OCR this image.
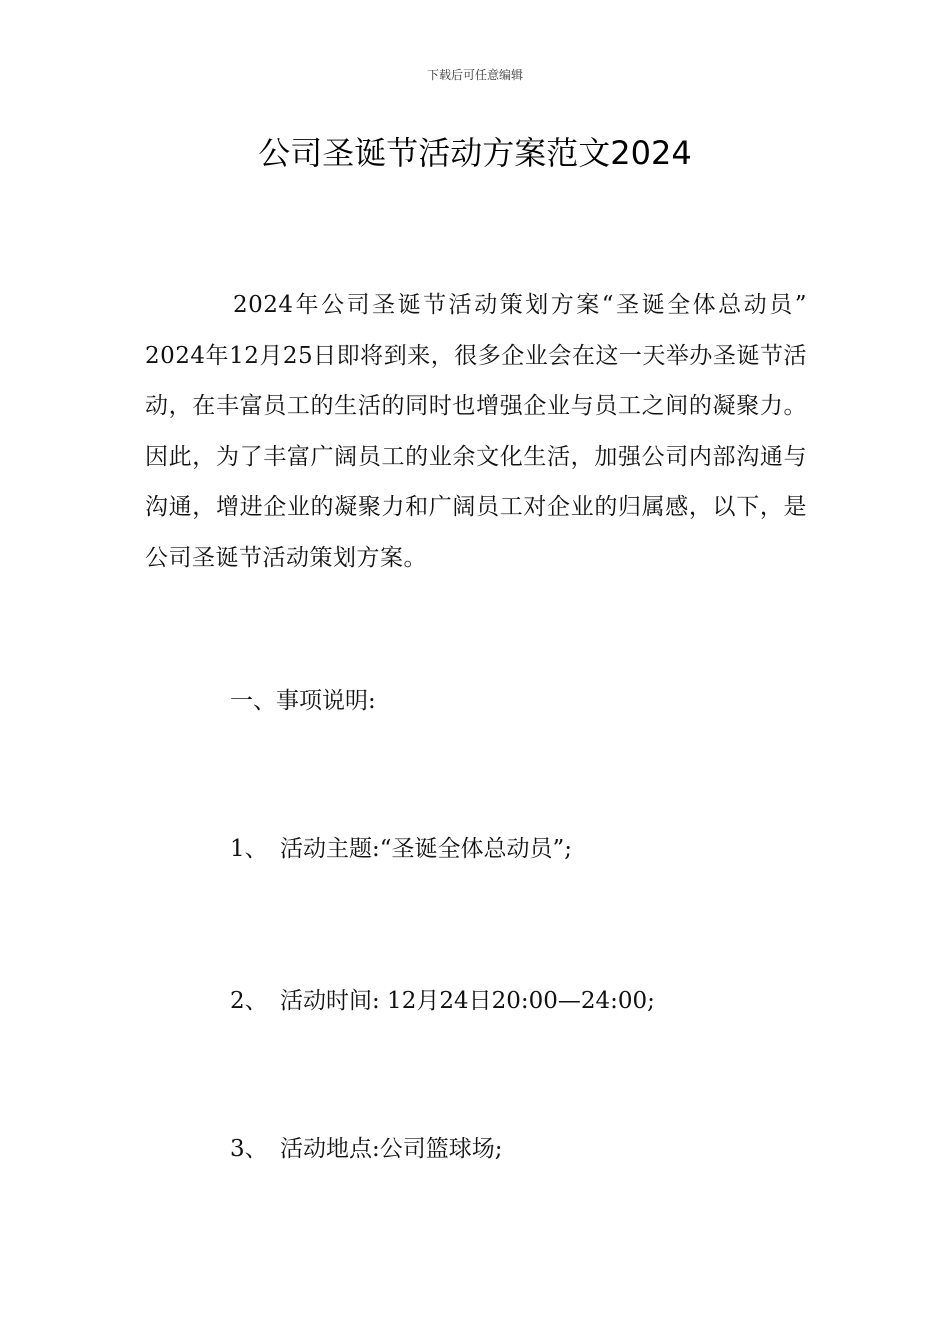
下载后可任意编辑
公司圣诞节活动方案范文2024

2024年公司圣诞节活动策划方案“圣诞全体总动员” 2024年12月25日即将到来，很多企业会在这一天举办圣诞节活动，在丰富员工的生活的同时也增强企业与员工之间的凝聚力。因此，为了丰富广阔员工的业余文化生活，加强公司内部沟通与沟通，增进企业的凝聚力和广阔员工对企业的归属感，以下，是公司圣诞节活动策划方案。

一、事项说明:

1、 活动主题:“圣诞全体总动员”;

2、 活动时间: 12月24日20:00—24:00;

3、 活动地点:公司篮球场;
